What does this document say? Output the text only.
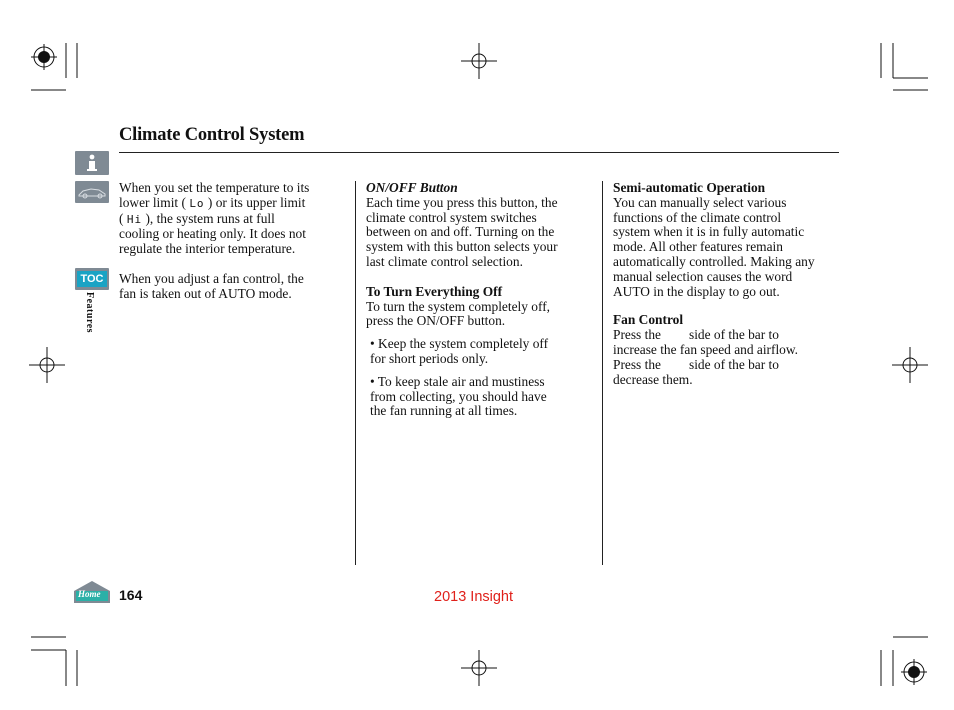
Climate Control System
TOC
Features
Home
When you set the temperature to its
lower limit ( Lo ) or its upper limit
( Hi ), the system runs at full
cooling or heating only. It does not
regulate the interior temperature.
When you adjust a fan control, the
fan is taken out of AUTO mode.
ON/OFF Button
Each time you press this button, the
climate control system switches
between on and off. Turning on the
system with this button selects your
last climate control selection.
To Turn Everything Off
To turn the system completely off,
press the ON/OFF button.
• Keep the system completely off
for short periods only.
• To keep stale air and mustiness
from collecting, you should have
the fan running at all times.
Semi-automatic Operation
You can manually select various
functions of the climate control
system when it is in fully automatic
mode. All other features remain
automatically controlled. Making any
manual selection causes the word
AUTO in the display to go out.
Fan Control
Press the side of the bar to
increase the fan speed and airflow.
Press the side of the bar to
decrease them.
164	2013 Insight
